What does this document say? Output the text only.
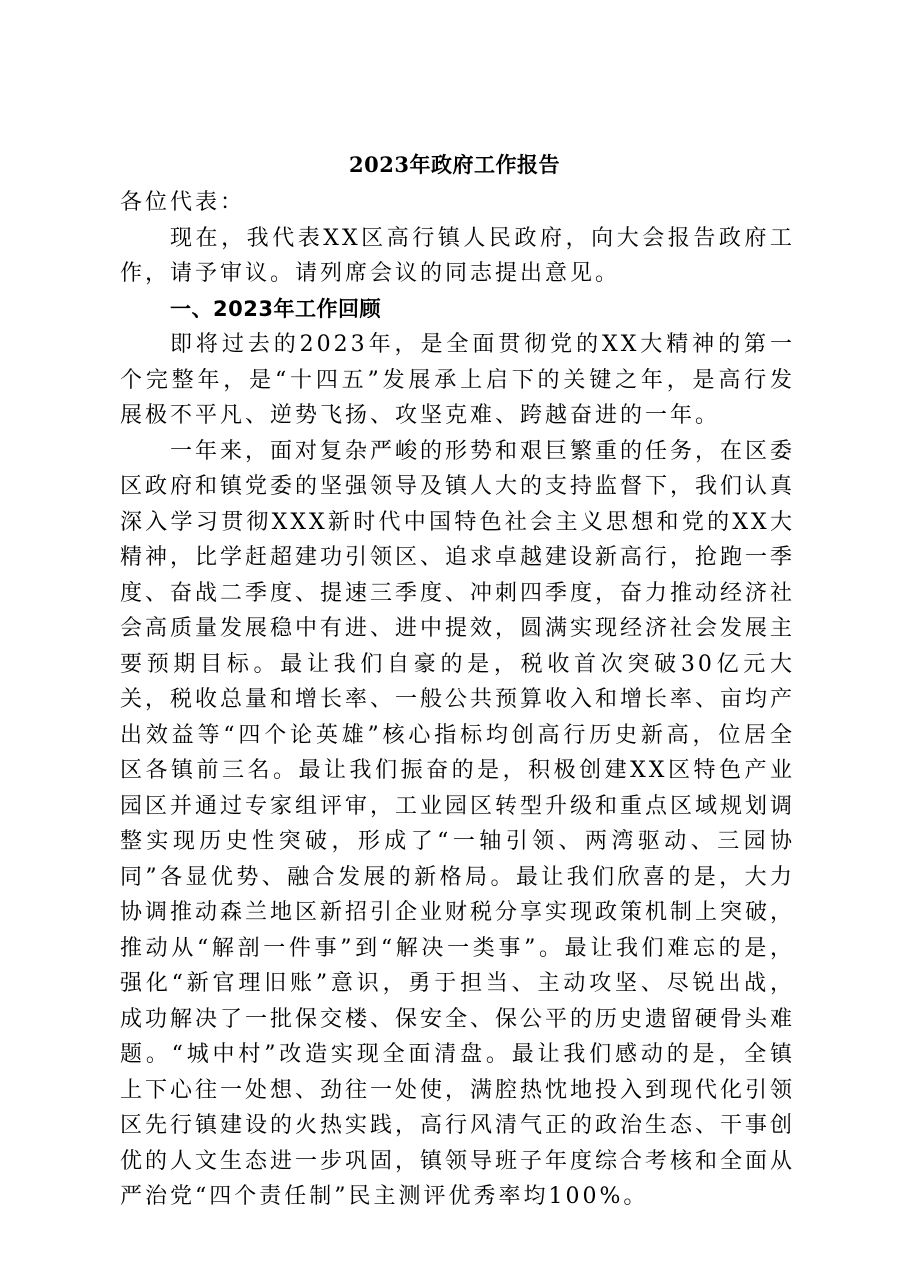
2023年政府工作报告

各位代表：

现在，我代表XX区高行镇人民政府，向大会报告政府工作，请予审议。请列席会议的同志提出意见。

一、2023年工作回顾

即将过去的2023年，是全面贯彻党的XX大精神的第一个完整年，是“十四五”发展承上启下的关键之年，是高行发展极不平凡、逆势飞扬、攻坚克难、跨越奋进的一年。

一年来，面对复杂严峻的形势和艰巨繁重的任务，在区委区政府和镇党委的坚强领导及镇人大的支持监督下，我们认真深入学习贯彻XXX新时代中国特色社会主义思想和党的XX大精神，比学赶超建功引领区、追求卓越建设新高行，抢跑一季度、奋战二季度、提速三季度、冲刺四季度，奋力推动经济社会高质量发展稳中有进、进中提效，圆满实现经济社会发展主要预期目标。最让我们自豪的是，税收首次突破30亿元大关，税收总量和增长率、一般公共预算收入和增长率、亩均产出效益等“四个论英雄”核心指标均创高行历史新高，位居全区各镇前三名。最让我们振奋的是，积极创建XX区特色产业园区并通过专家组评审，工业园区转型升级和重点区域规划调整实现历史性突破，形成了“一轴引领、两湾驱动、三园协同”各显优势、融合发展的新格局。最让我们欣喜的是，大力协调推动森兰地区新招引企业财税分享实现政策机制上突破，推动从“解剖一件事”到“解决一类事”。最让我们难忘的是，强化“新官理旧账”意识，勇于担当、主动攻坚、尽锐出战，成功解决了一批保交楼、保安全、保公平的历史遗留硬骨头难题。“城中村”改造实现全面清盘。最让我们感动的是，全镇上下心往一处想、劲往一处使，满腔热忱地投入到现代化引领区先行镇建设的火热实践，高行风清气正的政治生态、干事创优的人文生态进一步巩固，镇领导班子年度综合考核和全面从严治党“四个责任制”民主测评优秀率均100%。
